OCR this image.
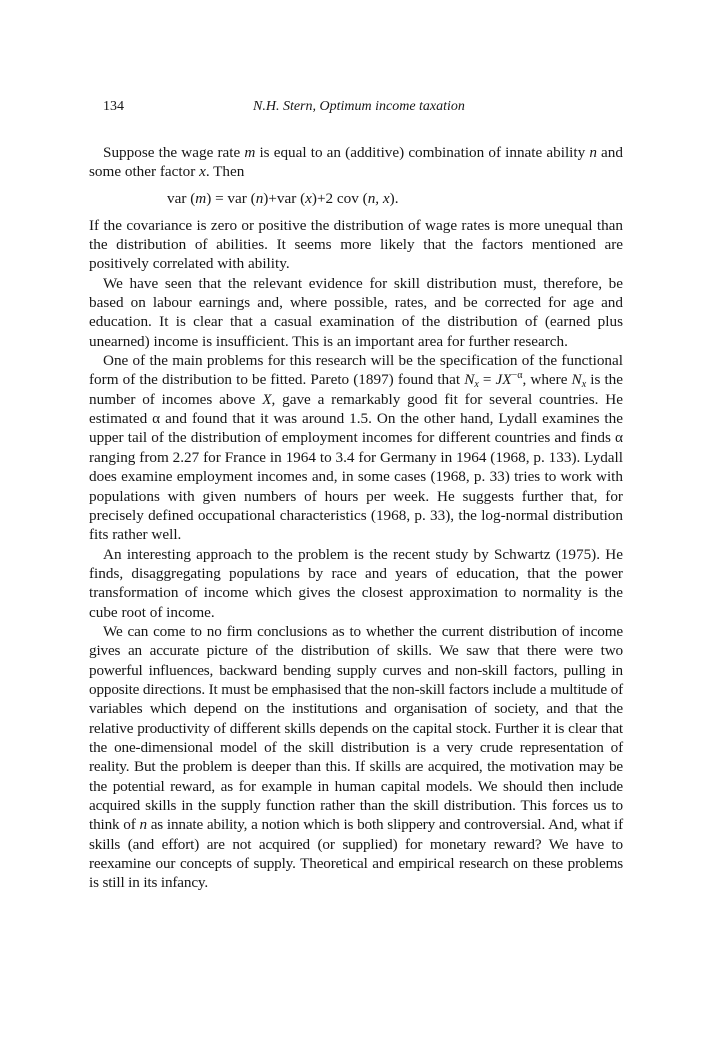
134	N.H. Stern, Optimum income taxation

Suppose the wage rate m is equal to an (additive) combination of innate ability n and some other factor x. Then

var (m) = var (n)+var (x)+2 cov (n, x).

If the covariance is zero or positive the distribution of wage rates is more unequal than the distribution of abilities. It seems more likely that the factors mentioned are positively correlated with ability.

We have seen that the relevant evidence for skill distribution must, therefore, be based on labour earnings and, where possible, rates, and be corrected for age and education. It is clear that a casual examination of the distribution of (earned plus unearned) income is insufficient. This is an important area for further research.

One of the main problems for this research will be the specification of the functional form of the distribution to be fitted. Pareto (1897) found that $N_x = JX^{-\alpha}$, where $N_x$ is the number of incomes above X, gave a remarkably good fit for several countries. He estimated α and found that it was around 1.5. On the other hand, Lydall examines the upper tail of the distribution of employment incomes for different countries and finds α ranging from 2.27 for France in 1964 to 3.4 for Germany in 1964 (1968, p. 133). Lydall does examine employment incomes and, in some cases (1968, p. 33) tries to work with populations with given numbers of hours per week. He suggests further that, for precisely defined occupational characteristics (1968, p. 33), the log-normal distribution fits rather well.

An interesting approach to the problem is the recent study by Schwartz (1975). He finds, disaggregating populations by race and years of education, that the power transformation of income which gives the closest approximation to normality is the cube root of income.

We can come to no firm conclusions as to whether the current distribution of income gives an accurate picture of the distribution of skills. We saw that there were two powerful influences, backward bending supply curves and non-skill factors, pulling in opposite directions. It must be emphasised that the non-skill factors include a multitude of variables which depend on the institutions and organisation of society, and that the relative productivity of different skills depends on the capital stock. Further it is clear that the one-dimensional model of the skill distribution is a very crude representation of reality. But the problem is deeper than this. If skills are acquired, the motivation may be the potential reward, as for example in human capital models. We should then include acquired skills in the supply function rather than the skill distribution. This forces us to think of n as innate ability, a notion which is both slippery and controversial. And, what if skills (and effort) are not acquired (or supplied) for monetary reward? We have to reexamine our concepts of supply. Theoretical and empirical research on these problems is still in its infancy.
